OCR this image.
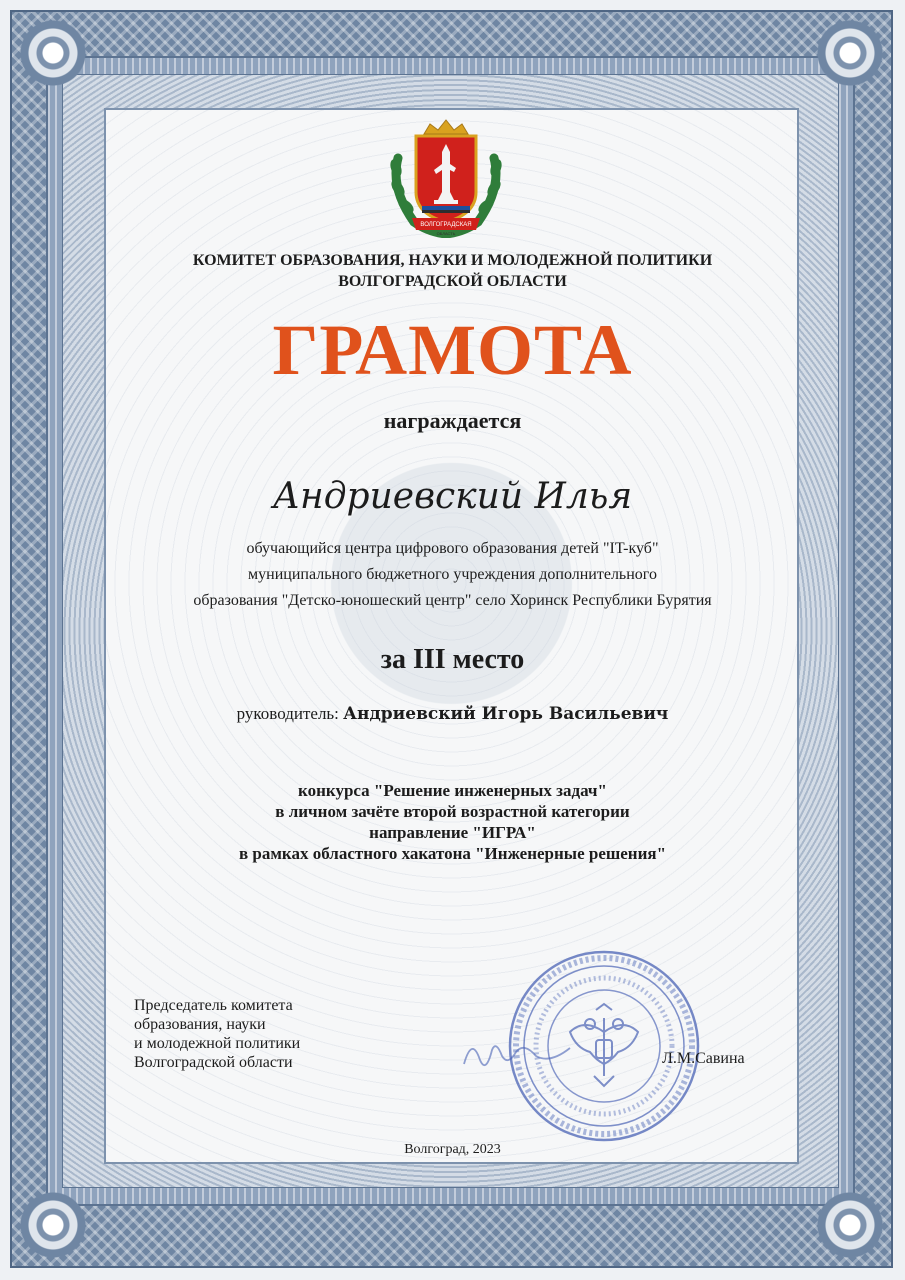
ВОЛГОГРАДСКАЯ
ОБЛАСТЬ
КОМИТЕТ ОБРАЗОВАНИЯ, НАУКИ И МОЛОДЕЖНОЙ ПОЛИТИКИ
ВОЛГОГРАДСКОЙ ОБЛАСТИ
ГРАМОТА
награждается
Андриевский Илья
обучающийся центра цифрового образования детей "IT-куб"
муниципального бюджетного учреждения дополнительного
образования "Детско-юношеский центр" село Хоринск Республики Бурятия
за III место
руководитель: Андриевский Игорь Васильевич
конкурса "Решение инженерных задач"
в личном зачёте второй возрастной категории
направление "ИГРА"
в рамках областного хакатона "Инженерные решения"
Председатель комитета
образования, науки
и молодежной политики
Волгоградской области	Л.М.Савина
Волгоград, 2023
